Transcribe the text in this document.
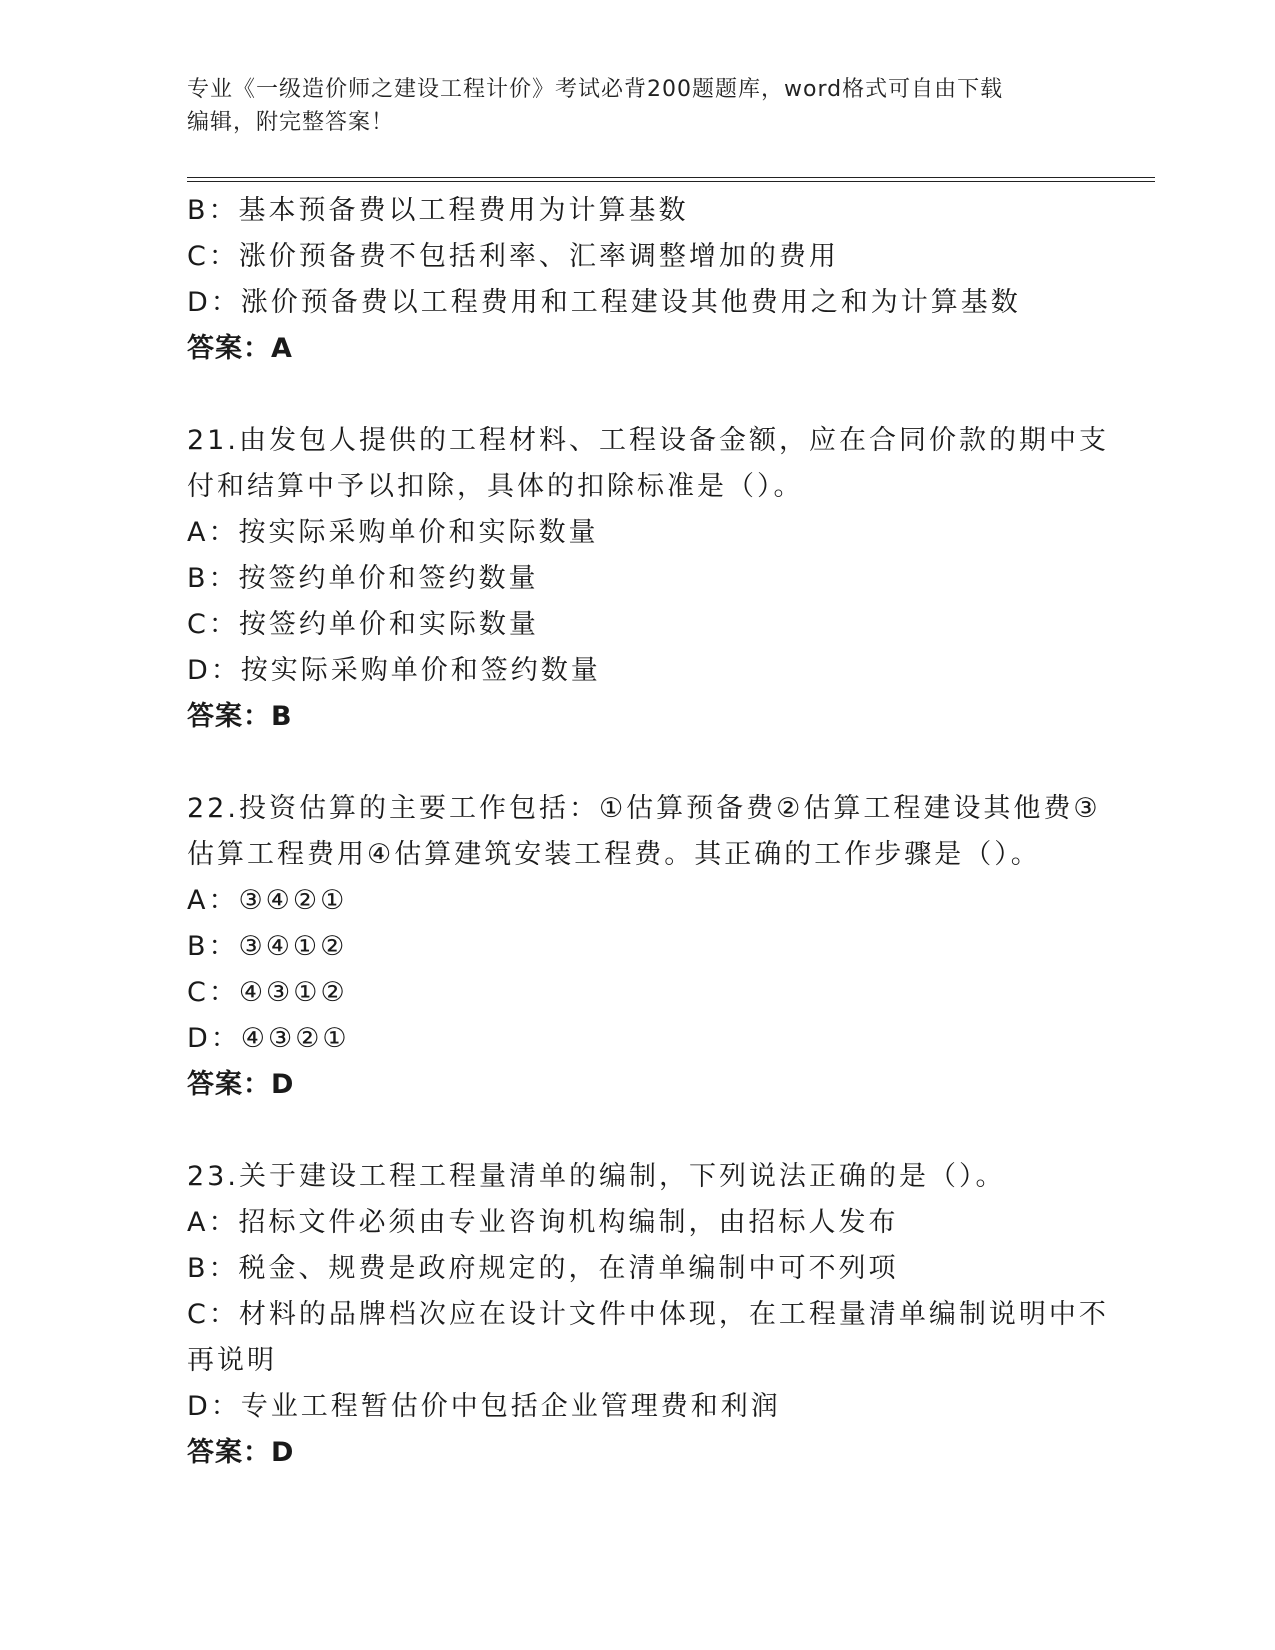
专业《一级造价师之建设工程计价》考试必背200题题库，word格式可自由下载
编辑，附完整答案！
B：基本预备费以工程费用为计算基数
C：涨价预备费不包括利率、汇率调整增加的费用
D：涨价预备费以工程费用和工程建设其他费用之和为计算基数
答案：A
21.由发包人提供的工程材料、工程设备金额，应在合同价款的期中支
付和结算中予以扣除，具体的扣除标准是（）。
A：按实际采购单价和实际数量
B：按签约单价和签约数量
C：按签约单价和实际数量
D：按实际采购单价和签约数量
答案：B
22.投资估算的主要工作包括：①估算预备费②估算工程建设其他费③
估算工程费用④估算建筑安装工程费。其正确的工作步骤是（）。
A：③④②①
B：③④①②
C：④③①②
D：④③②①
答案：D
23.关于建设工程工程量清单的编制，下列说法正确的是（）。
A：招标文件必须由专业咨询机构编制，由招标人发布
B：税金、规费是政府规定的，在清单编制中可不列项
C：材料的品牌档次应在设计文件中体现，在工程量清单编制说明中不
再说明
D：专业工程暂估价中包括企业管理费和利润
答案：D
